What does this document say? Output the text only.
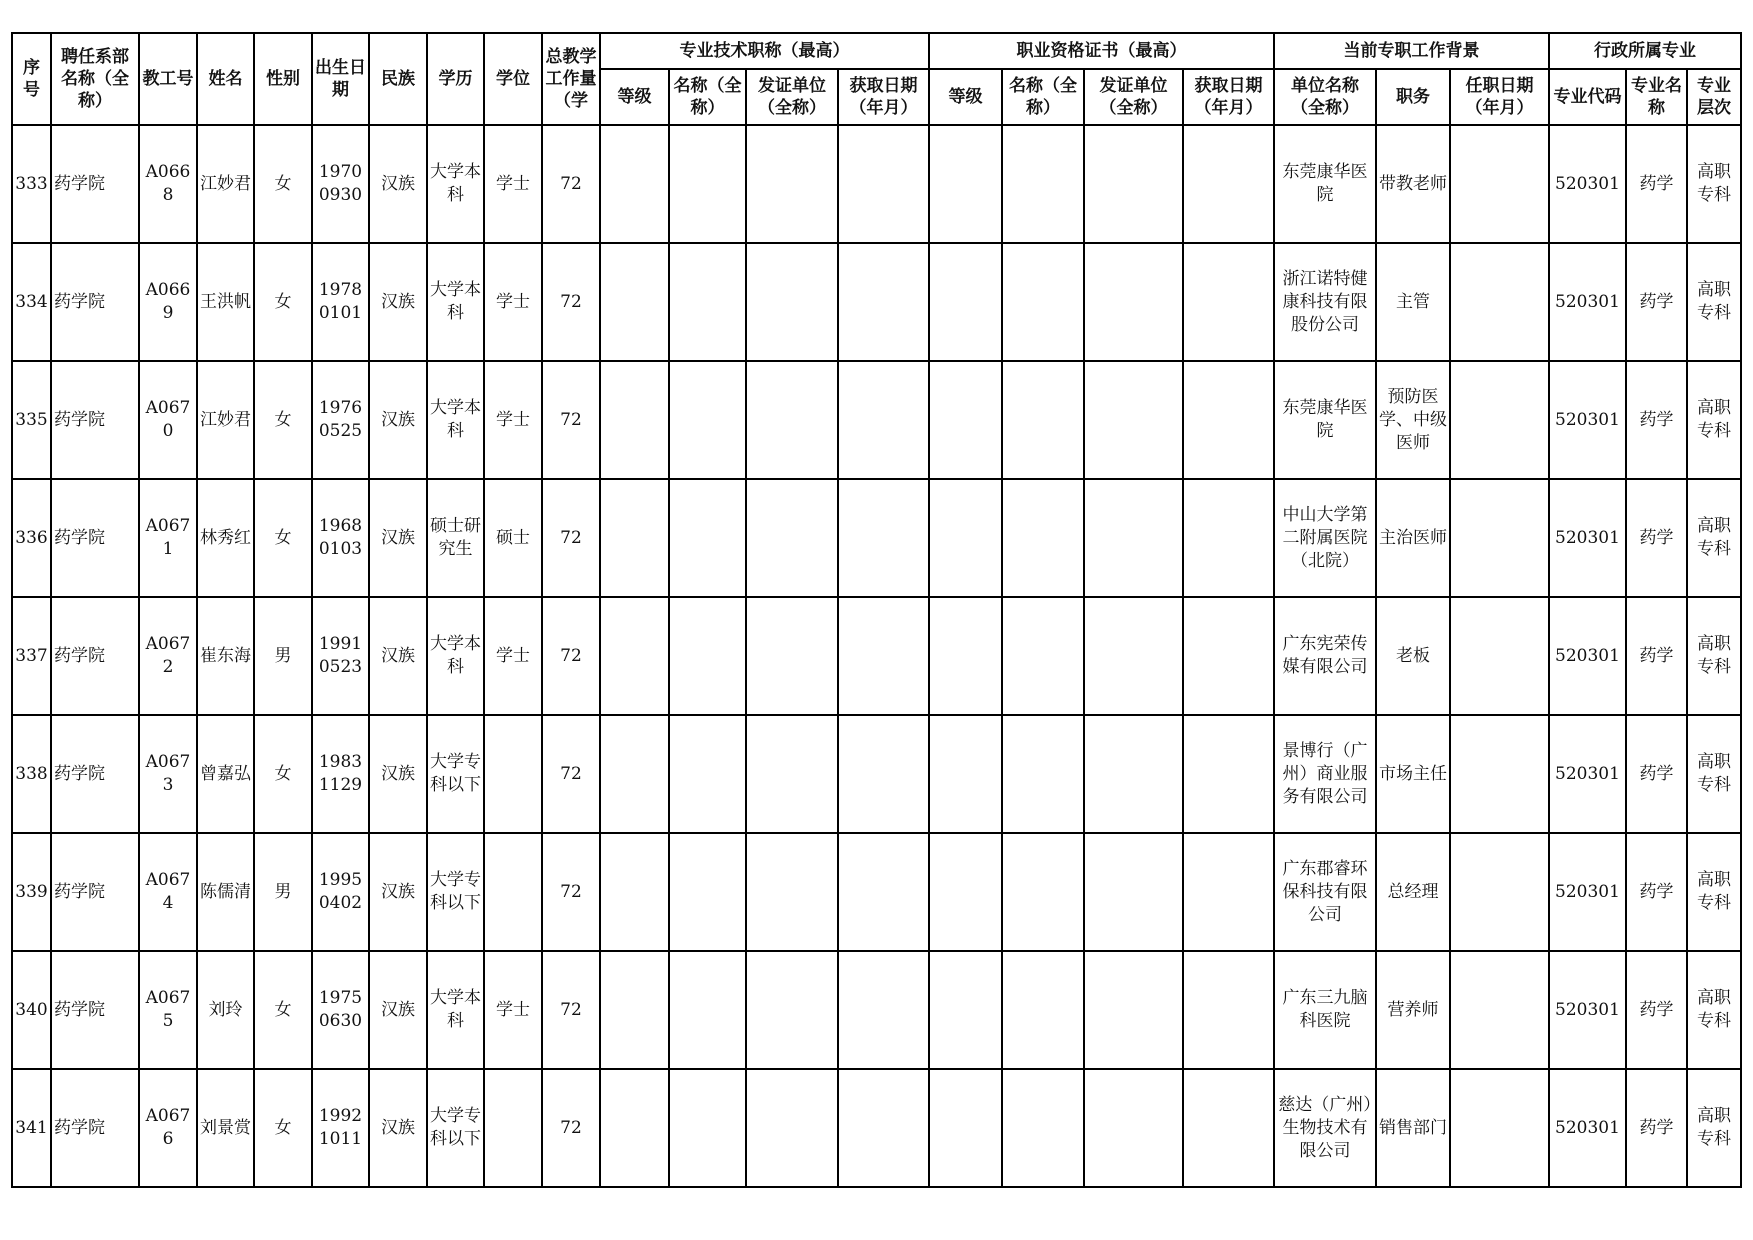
序号	聘任系部名称（全称）	教工号	姓名	性别	出生日期	民族	学历	学位	总教学工作量（学	专业技术职称（最高）				职业资格证书（最高）				当前专职工作背景			行政所属专业		
										等级	名称（全称）	发证单位（全称）	获取日期（年月）	等级	名称（全称）	发证单位（全称）	获取日期（年月）	单位名称（全称）	职务	任职日期（年月）	专业代码	专业名称	专业层次
333	药学院	A0668	江妙君	女	19700930	汉族	大学本科	学士	72									东莞康华医院	带教老师		520301	药学	高职专科
334	药学院	A0669	王洪帆	女	19780101	汉族	大学本科	学士	72									浙江诺特健康科技有限股份公司	主管		520301	药学	高职专科
335	药学院	A0670	江妙君	女	19760525	汉族	大学本科	学士	72									东莞康华医院	预防医学、中级医师		520301	药学	高职专科
336	药学院	A0671	林秀红	女	19680103	汉族	硕士研究生	硕士	72									中山大学第二附属医院（北院）	主治医师		520301	药学	高职专科
337	药学院	A0672	崔东海	男	19910523	汉族	大学本科	学士	72									广东宪荣传媒有限公司	老板		520301	药学	高职专科
338	药学院	A0673	曾嘉弘	女	19831129	汉族	大学专科以下		72									景博行（广州）商业服务有限公司	市场主任		520301	药学	高职专科
339	药学院	A0674	陈儒清	男	19950402	汉族	大学专科以下		72									广东郡睿环保科技有限公司	总经理		520301	药学	高职专科
340	药学院	A0675	刘玲	女	19750630	汉族	大学本科	学士	72									广东三九脑科医院	营养师		520301	药学	高职专科
341	药学院	A0676	刘景赏	女	19921011	汉族	大学专科以下		72									慈达（广州）生物技术有限公司	销售部门		520301	药学	高职专科
